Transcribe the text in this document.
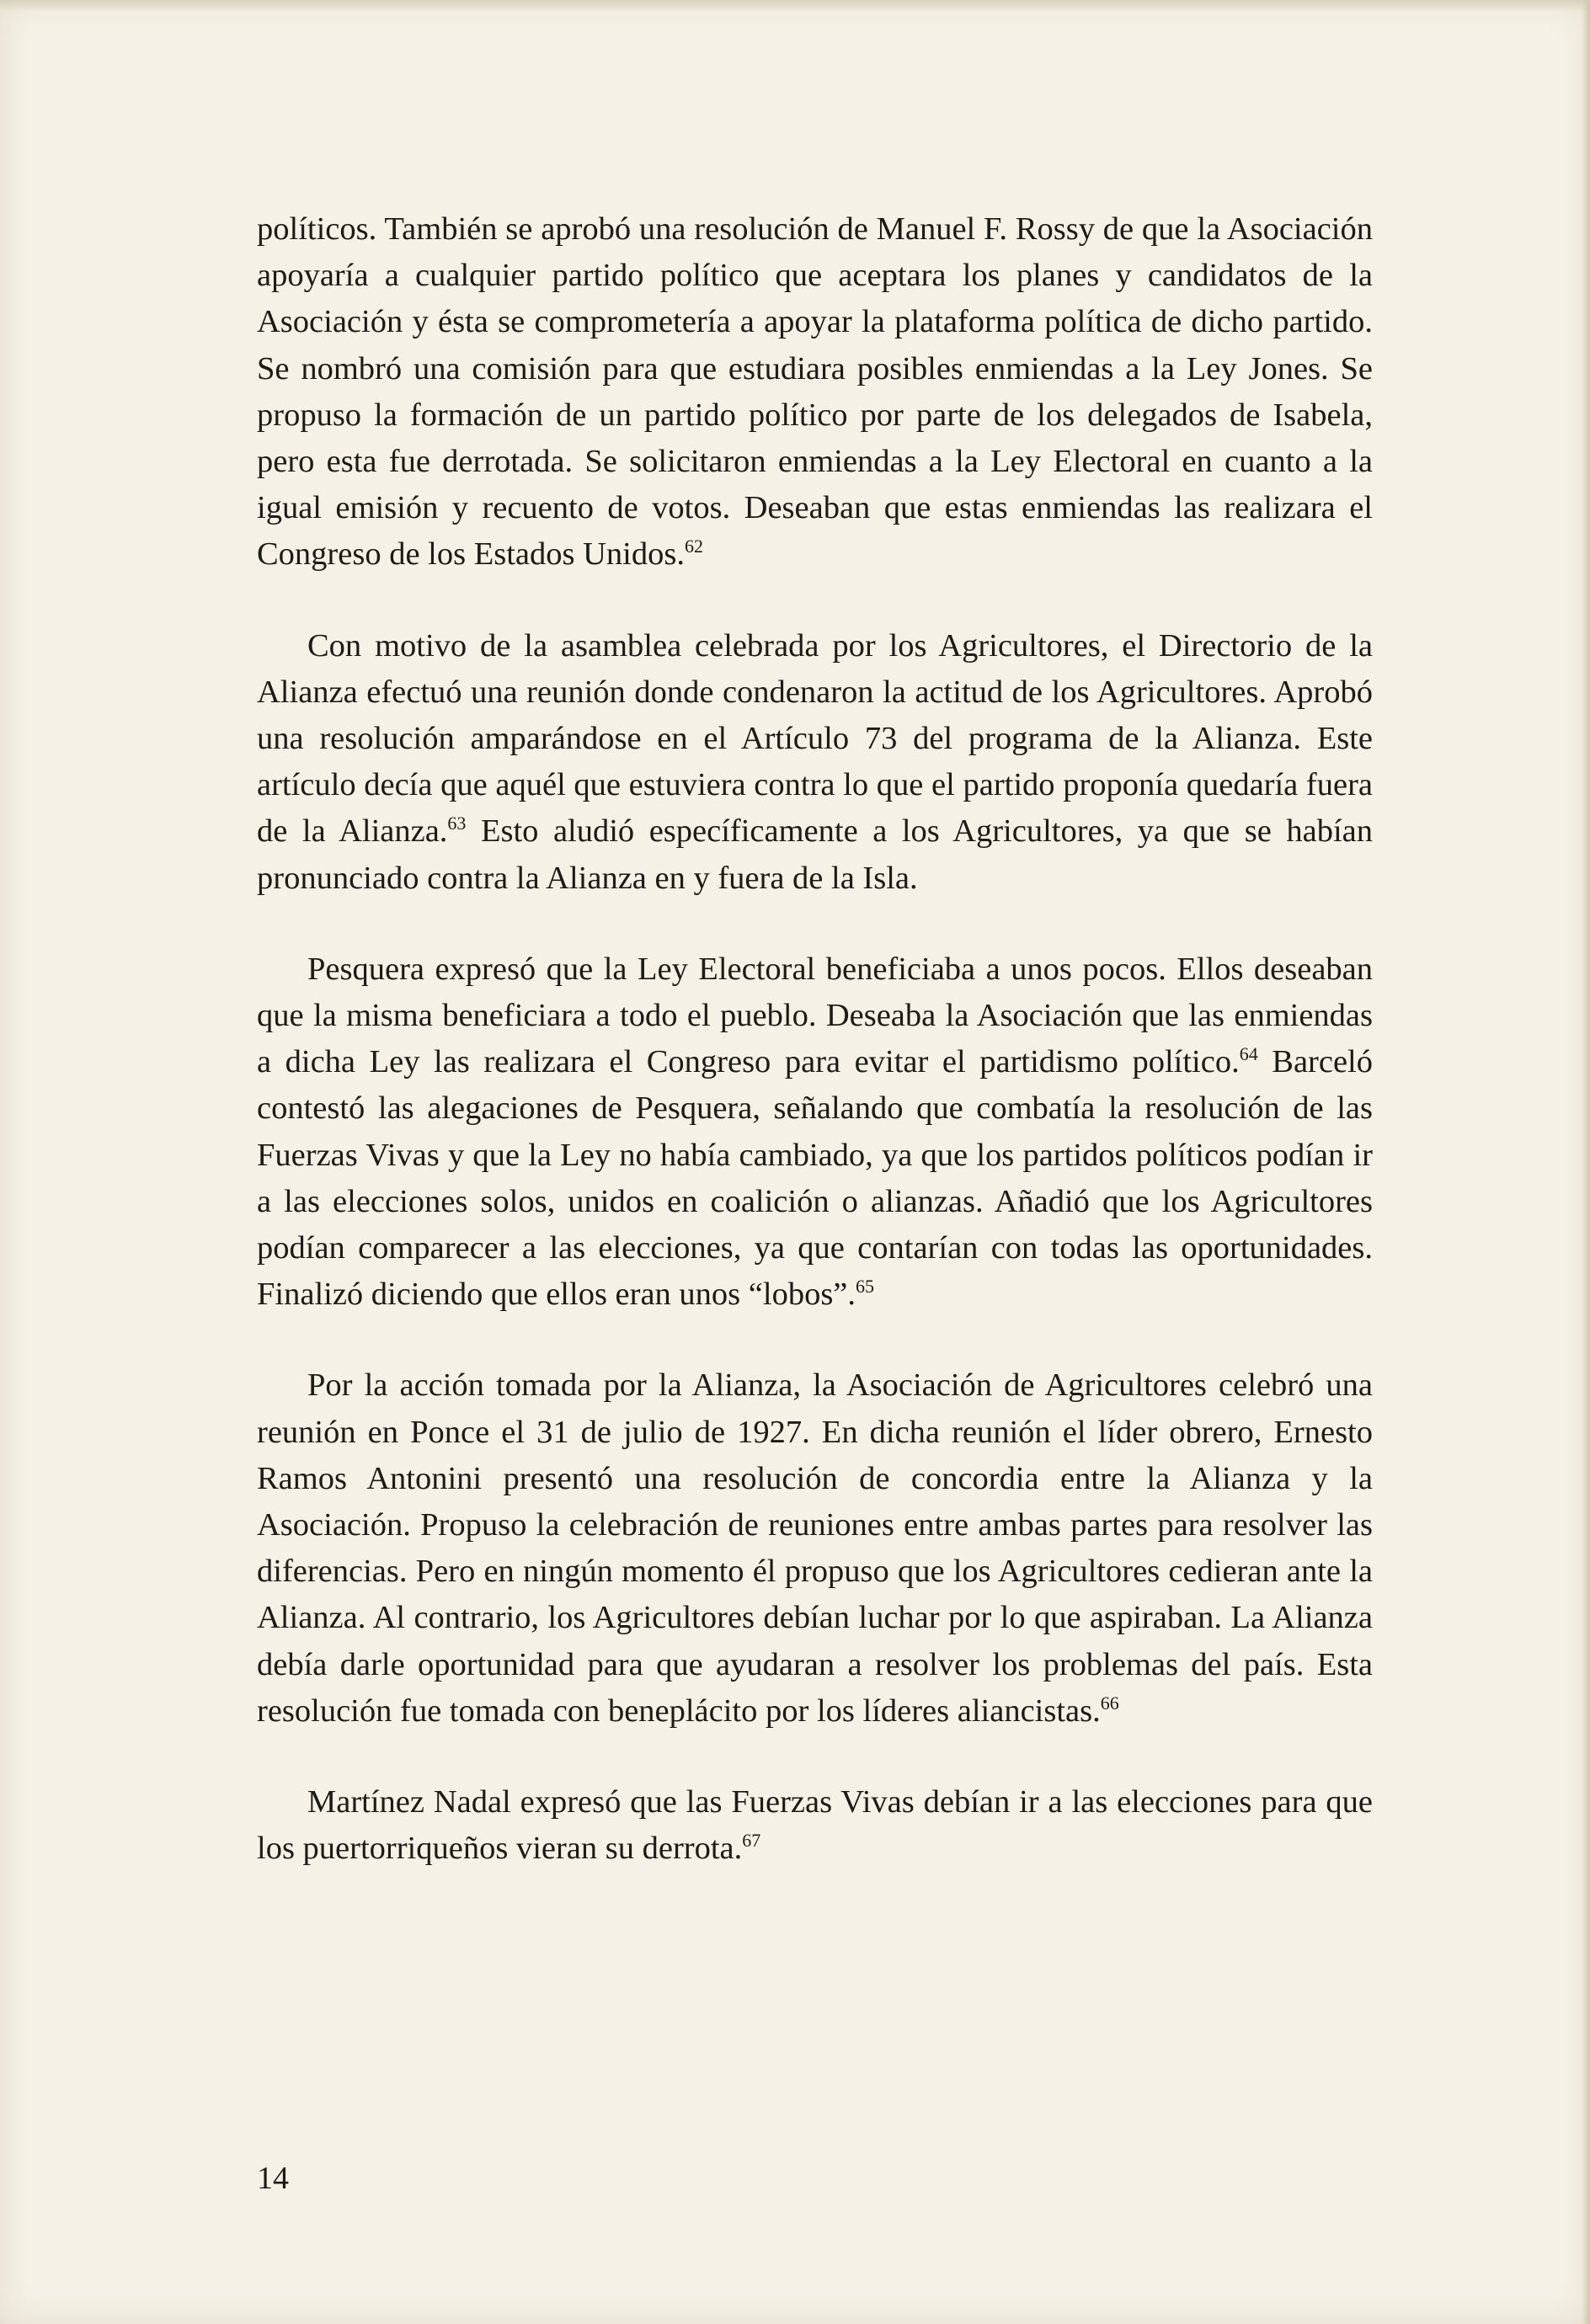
políticos. También se aprobó una resolución de Manuel F. Rossy de que la Asociación apoyaría a cualquier partido político que aceptara los planes y candidatos de la Asociación y ésta se comprometería a apoyar la plataforma política de dicho partido. Se nombró una comisión para que estudiara posibles enmiendas a la Ley Jones. Se propuso la formación de un partido político por parte de los delegados de Isabela, pero esta fue derrotada. Se solicitaron enmiendas a la Ley Electoral en cuanto a la igual emisión y recuento de votos. Deseaban que estas enmiendas las realizara el Congreso de los Estados Unidos.$^{62}$

Con motivo de la asamblea celebrada por los Agricultores, el Directorio de la Alianza efectuó una reunión donde condenaron la actitud de los Agricultores. Aprobó una resolución amparándose en el Artículo 73 del programa de la Alianza. Este artículo decía que aquél que estuviera contra lo que el partido proponía quedaría fuera de la Alianza.$^{63}$ Esto aludió específicamente a los Agricultores, ya que se habían pronunciado contra la Alianza en y fuera de la Isla.

Pesquera expresó que la Ley Electoral beneficiaba a unos pocos. Ellos deseaban que la misma beneficiara a todo el pueblo. Deseaba la Asociación que las enmiendas a dicha Ley las realizara el Congreso para evitar el partidismo político.$^{64}$ Barceló contestó las alegaciones de Pesquera, señalando que combatía la resolución de las Fuerzas Vivas y que la Ley no había cambiado, ya que los partidos políticos podían ir a las elecciones solos, unidos en coalición o alianzas. Añadió que los Agricultores podían comparecer a las elecciones, ya que contarían con todas las oportunidades. Finalizó diciendo que ellos eran unos “lobos”.$^{65}$

Por la acción tomada por la Alianza, la Asociación de Agricultores celebró una reunión en Ponce el 31 de julio de 1927. En dicha reunión el líder obrero, Ernesto Ramos Antonini presentó una resolución de concordia entre la Alianza y la Asociación. Propuso la celebración de reuniones entre ambas partes para resolver las diferencias. Pero en ningún momento él propuso que los Agricultores cedieran ante la Alianza. Al contrario, los Agricultores debían luchar por lo que aspiraban. La Alianza debía darle oportunidad para que ayudaran a resolver los problemas del país. Esta resolución fue tomada con beneplácito por los líderes aliancistas.$^{66}$

Martínez Nadal expresó que las Fuerzas Vivas debían ir a las elecciones para que los puertorriqueños vieran su derrota.$^{67}$

14
